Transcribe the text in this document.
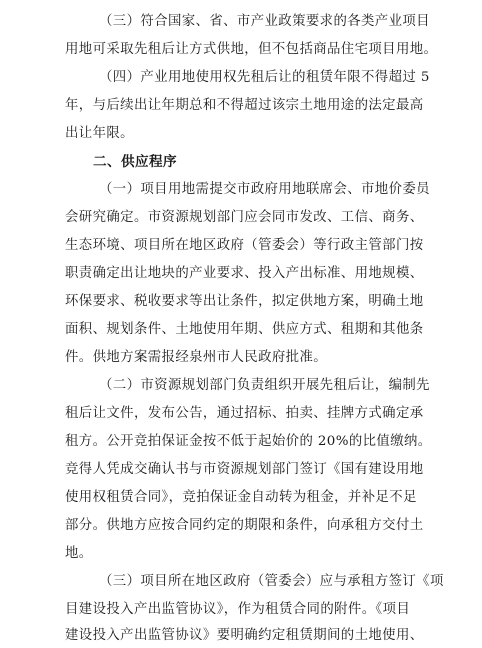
（三）符合国家、省、市产业政策要求的各类产业项目
用地可采取先租后让方式供地，但不包括商品住宅项目用地。
（四）产业用地使用权先租后让的租赁年限不得超过 5
年，与后续出让年期总和不得超过该宗土地用途的法定最高
出让年限。
二、供应程序
（一）项目用地需提交市政府用地联席会、市地价委员
会研究确定。市资源规划部门应会同市发改、工信、商务、
生态环境、项目所在地区政府（管委会）等行政主管部门按
职责确定出让地块的产业要求、投入产出标准、用地规模、
环保要求、税收要求等出让条件，拟定供地方案，明确土地
面积、规划条件、土地使用年期、供应方式、租期和其他条
件。供地方案需报经泉州市人民政府批准。
（二）市资源规划部门负责组织开展先租后让，编制先
租后让文件，发布公告，通过招标、拍卖、挂牌方式确定承
租方。公开竞拍保证金按不低于起始价的 20%的比值缴纳。
竞得人凭成交确认书与市资源规划部门签订《国有建设用地
使用权租赁合同》，竞拍保证金自动转为租金，并补足不足
部分。供地方应按合同约定的期限和条件，向承租方交付土
地。
（三）项目所在地区政府（管委会）应与承租方签订《项
目建设投入产出监管协议》，作为租赁合同的附件。《项目
建设投入产出监管协议》要明确约定租赁期间的土地使用、
